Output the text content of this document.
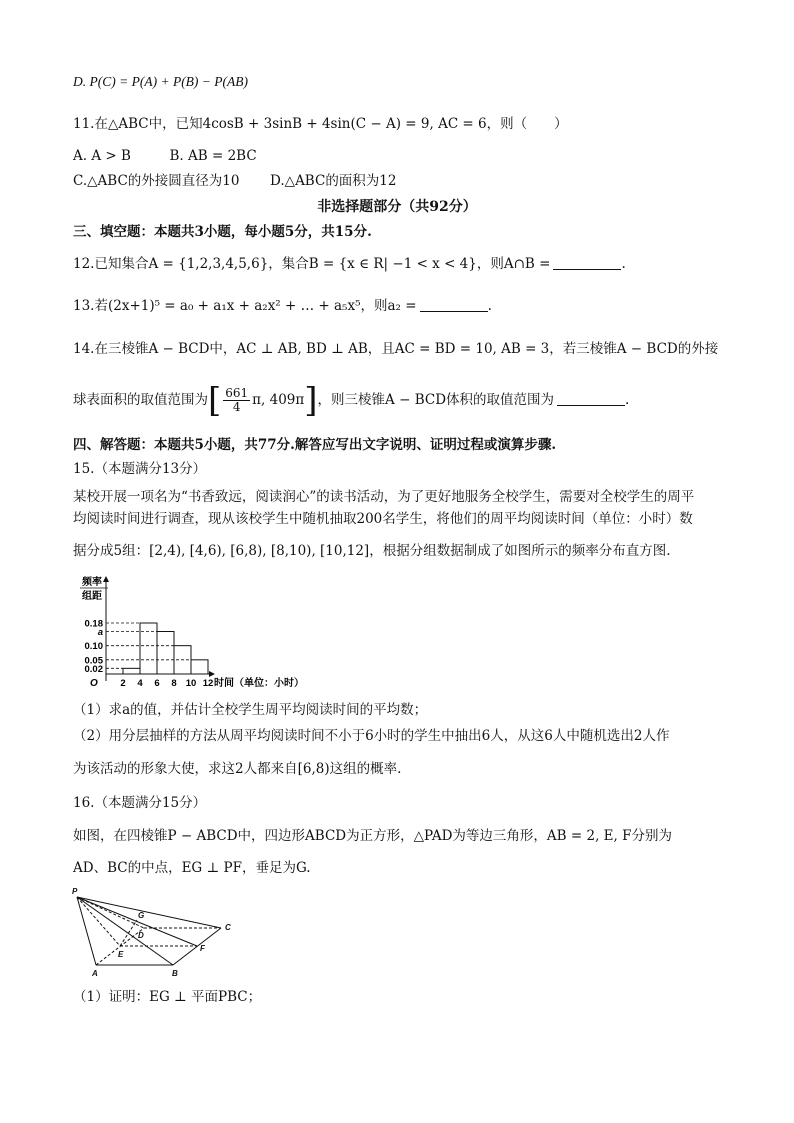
D. P(C) = P(A) + P(B) − P(AB)
11.在△ABC中，已知4cosB + 3sinB + 4sin(C − A) = 9, AC = 6，则（　　）
A. A > B	B. AB = 2BC
C.△ABC的外接圆直径为10 D.△ABC的面积为12
非选择题部分（共92分）
三、填空题：本题共3小题，每小题5分，共15分.
12.已知集合A = {1,2,3,4,5,6}，集合B = {x ∈ R| −1 < x < 4}，则A∩B =	.
13.若(2x+1)⁵ = a₀ + a₁x + a₂x² + … + a₅x⁵，则a₂ =	.
14.在三棱锥A − BCD中，AC ⊥ AB, BD ⊥ AB，且AC = BD = 10, AB = 3，若三棱锥A − BCD的外接
球表面积的取值范围为[ $\frac{661}{4} \pi$, 409π]，则三棱锥A − BCD体积的取值范围为	.
四、解答题：本题共5小题，共77分.解答应写出文字说明、证明过程或演算步骤.
15.（本题满分13分）
某校开展一项名为“书香致远，阅读润心”的读书活动，为了更好地服务全校学生，需要对全校学生的周平
均阅读时间进行调查，现从该校学生中随机抽取200名学生，将他们的周平均阅读时间（单位：小时）数
据分成5组：[2,4), [4,6), [6,8), [8,10), [10,12]，根据分组数据制成了如图所示的频率分布直方图.
频率
组距
0.18
a
0.10
0.05
0.02
2 4 6 8 10 12
O	时间（单位：小时）
（1）求a的值，并估计全校学生周平均阅读时间的平均数；
（2）用分层抽样的方法从周平均阅读时间不小于6小时的学生中抽出6人，从这6人中随机选出2人作
为该活动的形象大使，求这2人都来自[6,8)这组的概率.
16.（本题满分15分）
如图，在四棱锥P − ABCD中，四边形ABCD为正方形，△PAD为等边三角形，AB = 2, E, F分别为
AD、BC的中点，EG ⊥ PF，垂足为G.
P
G
C
D
E
F
A	B
（1）证明：EG ⊥ 平面PBC；
